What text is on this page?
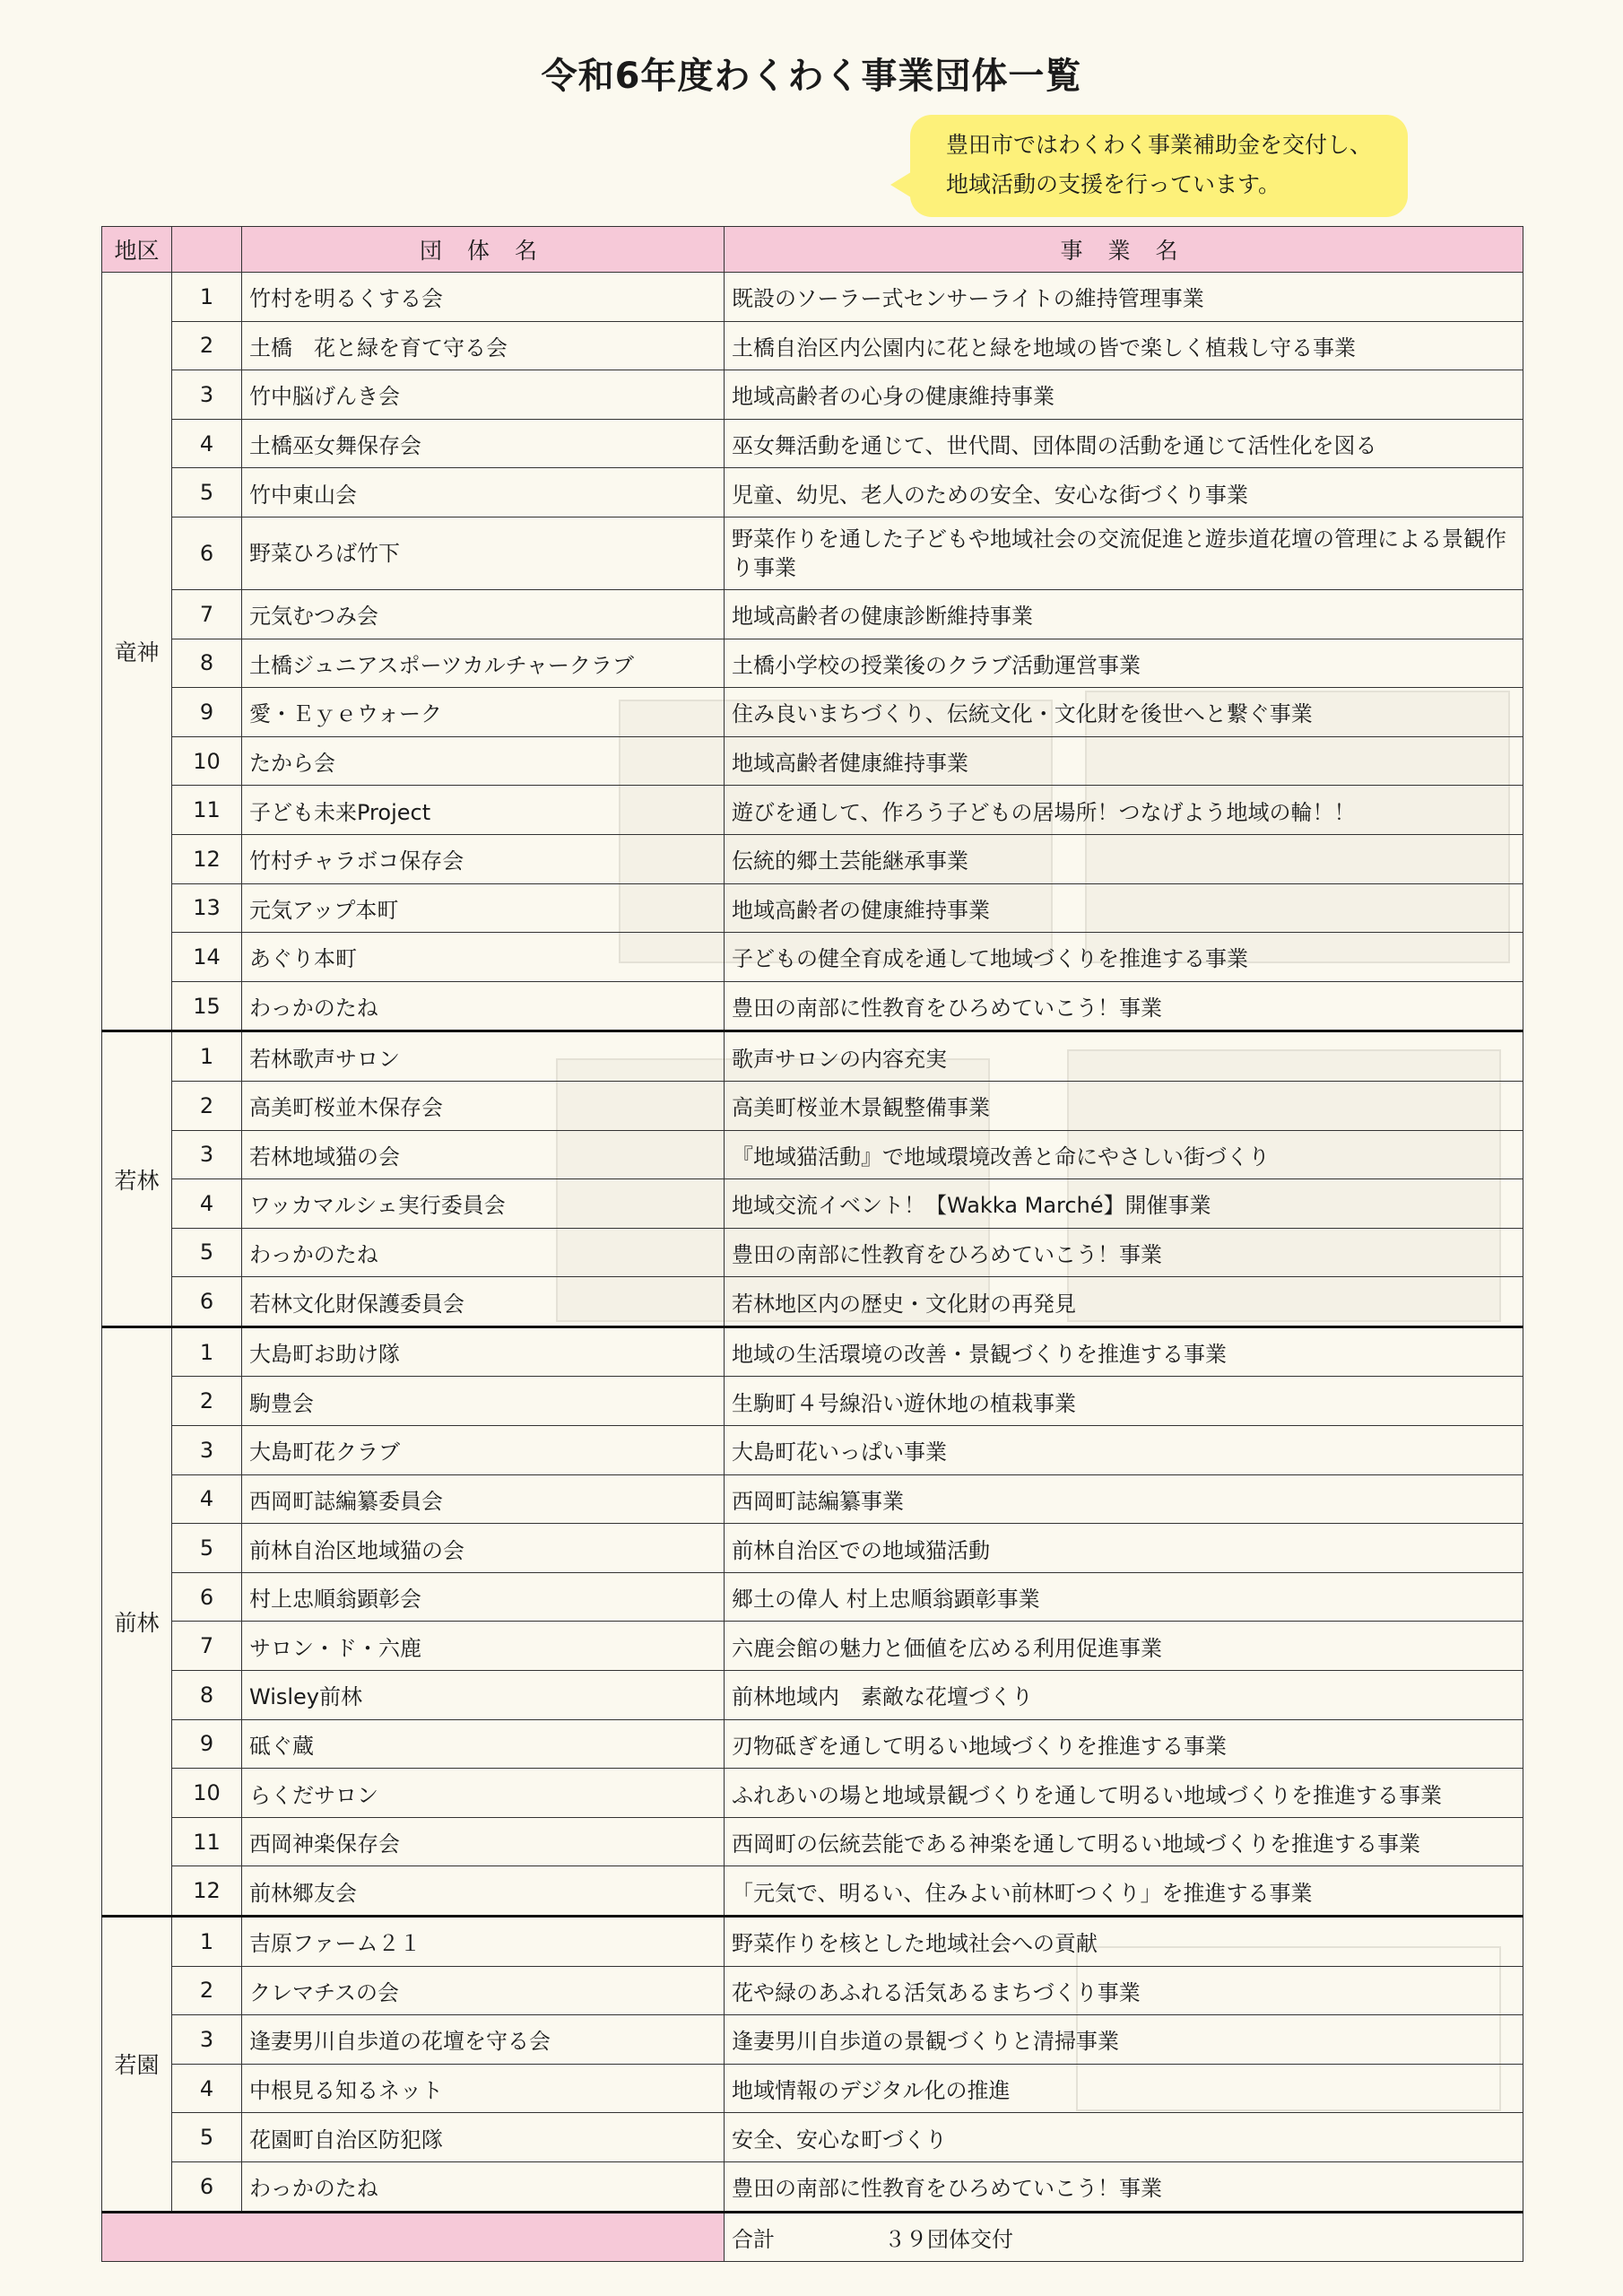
令和6年度わくわく事業団体一覧

豊田市ではわくわく事業補助金を交付し、

地域活動の支援を行っています。

地区		団 体 名	事 業 名
竜神	1	竹村を明るくする会	既設のソーラー式センサーライトの維持管理事業
	2	土橋　花と緑を育て守る会	土橋自治区内公園内に花と緑を地域の皆で楽しく植栽し守る事業
	3	竹中脳げんき会	地域高齢者の心身の健康維持事業
	4	土橋巫女舞保存会	巫女舞活動を通じて、世代間、団体間の活動を通じて活性化を図る
	5	竹中東山会	児童、幼児、老人のための安全、安心な街づくり事業
	6	野菜ひろば竹下	野菜作りを通した子どもや地域社会の交流促進と遊歩道花壇の管理による景観作り事業
	7	元気むつみ会	地域高齢者の健康診断維持事業
	8	土橋ジュニアスポーツカルチャークラブ	土橋小学校の授業後のクラブ活動運営事業
	9	愛・Ｅｙｅウォーク	住み良いまちづくり、伝統文化・文化財を後世へと繋ぐ事業
	10	たから会	地域高齢者健康維持事業
	11	子ども未来Project	遊びを通して、作ろう子どもの居場所！つなげよう地域の輪！！
	12	竹村チャラボコ保存会	伝統的郷土芸能継承事業
	13	元気アップ本町	地域高齢者の健康維持事業
	14	あぐり本町	子どもの健全育成を通して地域づくりを推進する事業
	15	わっかのたね	豊田の南部に性教育をひろめていこう！事業
若林	1	若林歌声サロン	歌声サロンの内容充実
	2	高美町桜並木保存会	高美町桜並木景観整備事業
	3	若林地域猫の会	『地域猫活動』で地域環境改善と命にやさしい街づくり
	4	ワッカマルシェ実行委員会	地域交流イベント！【Wakka Marché】開催事業
	5	わっかのたね	豊田の南部に性教育をひろめていこう！事業
	6	若林文化財保護委員会	若林地区内の歴史・文化財の再発見
前林	1	大島町お助け隊	地域の生活環境の改善・景観づくりを推進する事業
	2	駒豊会	生駒町４号線沿い遊休地の植栽事業
	3	大島町花クラブ	大島町花いっぱい事業
	4	西岡町誌編纂委員会	西岡町誌編纂事業
	5	前林自治区地域猫の会	前林自治区での地域猫活動
	6	村上忠順翁顕彰会	郷土の偉人 村上忠順翁顕彰事業
	7	サロン・ド・六鹿	六鹿会館の魅力と価値を広める利用促進事業
	8	Wisley前林	前林地域内　素敵な花壇づくり
	9	砥ぐ蔵	刃物砥ぎを通して明るい地域づくりを推進する事業
	10	らくだサロン	ふれあいの場と地域景観づくりを通して明るい地域づくりを推進する事業
	11	西岡神楽保存会	西岡町の伝統芸能である神楽を通して明るい地域づくりを推進する事業
	12	前林郷友会	「元気で、明るい、住みよい前林町つくり」を推進する事業
若園	1	吉原ファーム２１	野菜作りを核とした地域社会への貢献
	2	クレマチスの会	花や緑のあふれる活気あるまちづくり事業
	3	逢妻男川自歩道の花壇を守る会	逢妻男川自歩道の景観づくりと清掃事業
	4	中根見る知るネット	地域情報のデジタル化の推進
	5	花園町自治区防犯隊	安全、安心な町づくり
	6	わっかのたね	豊田の南部に性教育をひろめていこう！事業
			合計 ３９団体交付
